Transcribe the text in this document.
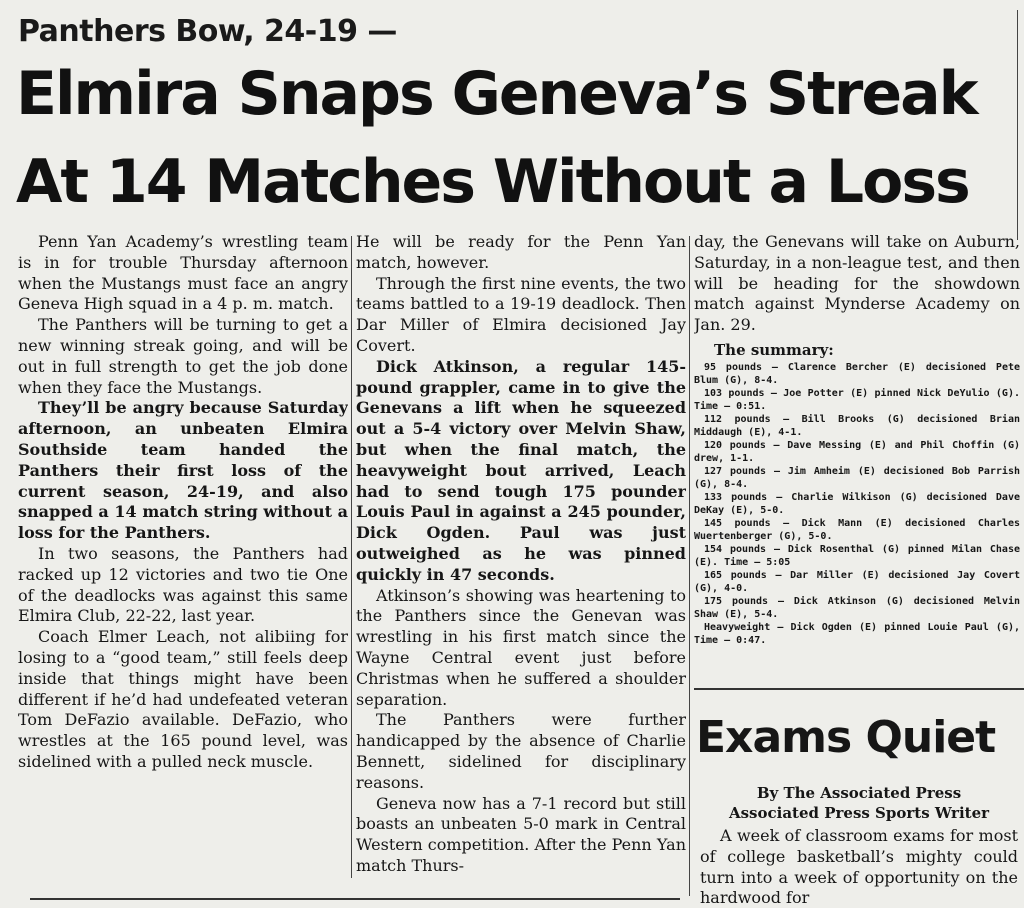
Panthers Bow, 24-19 —
Elmira Snaps Geneva’s Streak
At 14 Matches Without a Loss

Penn Yan Academy’s wrestling team is in for trouble Thursday afternoon when the Mustangs must face an angry Geneva High squad in a 4 p. m. match.

The Panthers will be turning to get a new winning streak going, and will be out in full strength to get the job done when they face the Mustangs.

They’ll be angry because Saturday afternoon, an unbeaten Elmira Southside team handed the Panthers their first loss of the current season, 24-19, and also snapped a 14 match string without a loss for the Panthers.

In two seasons, the Panthers had racked up 12 victories and two tie One of the deadlocks was against this same Elmira Club, 22-22, last year.

Coach Elmer Leach, not alibiing for losing to a “good team,” still feels deep inside that things might have been different if he’d had undefeated veteran Tom DeFazio available. DeFazio, who wrestles at the 165 pound level, was sidelined with a pulled neck muscle.

He will be ready for the Penn Yan match, however.

Through the first nine events, the two teams battled to a 19-19 deadlock. Then Dar Miller of Elmira decisioned Jay Covert.

Dick Atkinson, a regular 145-pound grappler, came in to give the Genevans a lift when he squeezed out a 5-4 victory over Melvin Shaw, but when the final match, the heavyweight bout arrived, Leach had to send tough 175 pounder Louis Paul in against a 245 pounder, Dick Ogden. Paul was just outweighed as he was pinned quickly in 47 seconds.

Atkinson’s showing was heartening to the Panthers since the Genevan was wrestling in his first match since the Wayne Central event just before Christmas when he suffered a shoulder separation.

The Panthers were further handicapped by the absence of Charlie Bennett, sidelined for disciplinary reasons.

Geneva now has a 7-1 record but still boasts an unbeaten 5-0 mark in Central Western competition. After the Penn Yan match Thurs-

day, the Genevans will take on Auburn, Saturday, in a non-league test, and then will be heading for the showdown match against Mynderse Academy on Jan. 29.

The summary:
95 pounds — Clarence Bercher (E) decisioned Pete Blum (G), 8-4.
103 pounds — Joe Potter (E) pinned Nick DeYulio (G). Time — 0:51.
112 pounds — Bill Brooks (G) decisioned Brian Middaugh (E), 4-1.
120 pounds — Dave Messing (E) and Phil Choffin (G) drew, 1-1.
127 pounds — Jim Amheim (E) decisioned Bob Parrish (G), 8-4.
133 pounds — Charlie Wilkison (G) decisioned Dave DeKay (E), 5-0.
145 pounds — Dick Mann (E) decisioned Charles Wuertenberger (G), 5-0.
154 pounds — Dick Rosenthal (G) pinned Milan Chase (E). Time — 5:05
165 pounds — Dar Miller (E) decisioned Jay Covert (G), 4-0.
175 pounds — Dick Atkinson (G) decisioned Melvin Shaw (E), 5-4.
Heavyweight — Dick Ogden (E) pinned Louie Paul (G), Time — 0:47.
Exams Quiet
By The Associated Press
Associated Press Sports Writer

A week of classroom exams for most of college basketball’s mighty could turn into a week of opportunity on the hardwood for
